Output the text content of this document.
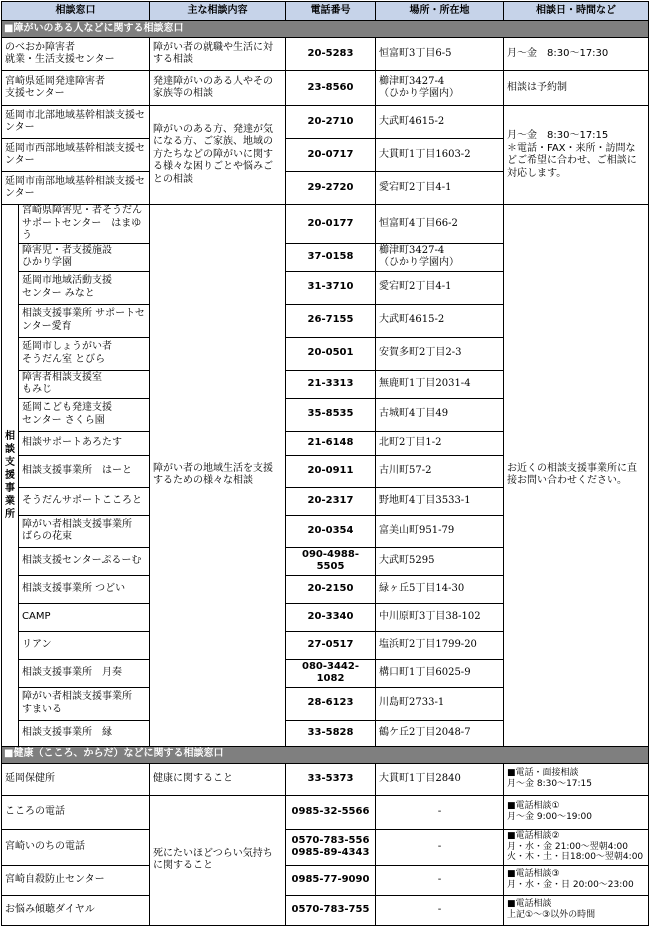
相談窓口		主な相談内容	電話番号	場所・所在地	相談日・時間など
■障がいのある人などに関する相談窓口					
のべおか障害者
就業・生活支援センター		障がい者の就職や生活に対する相談	20-5283	恒富町3丁目6-5	月～金　8:30～17:30
宮崎県延岡発達障害者
支援センター		発達障がいのある人やその家族等の相談	23-8560	櫛津町3427-4
（ひかり学園内）	相談は予約制
延岡市北部地域基幹相談支援センター		障がいのある方、発達が気になる方、ご家族、地域の方たちなどの障がいに関する様々な困りごとや悩みごとの相談	20-2710	大武町4615-2	月～金　8:30～17:15
＊電話・FAX・来所・訪問などご希望に合わせ、ご相談に対応します。
延岡市西部地域基幹相談支援センター			20-0717	大貫町1丁目1603-2	
延岡市南部地域基幹相談支援センター			29-2720	愛宕町2丁目4-1	
相談支援事業所	宮崎県障害児・者そうだんサポートセンター　はまゆう	障がい者の地域生活を支援するための様々な相談	20-0177	恒富町4丁目66-2	お近くの相談支援事業所に直接お問い合わせください。
	障害児・者支援施設
ひかり学園		37-0158	櫛津町3427-4
（ひかり学園内）	
	延岡市地域活動支援
センター みなと		31-3710	愛宕町2丁目4-1	
	相談支援事業所 サポートセンター愛育		26-7155	大武町4615-2	
	延岡市しょうがい者
そうだん室 とびら		20-0501	安賀多町2丁目2-3	
	障害者相談支援室
もみじ		21-3313	無鹿町1丁目2031-4	
	延岡こども発達支援
センター さくら園		35-8535	古城町4丁目49	
	相談サポートあろたす		21-6148	北町2丁目1-2	
	相談支援事業所　はーと		20-0911	古川町57-2	
	そうだんサポートこころと		20-2317	野地町4丁目3533-1	
	障がい者相談支援事業所
ばらの花束		20-0354	富美山町951-79	
	相談支援センターぷるーむ		090-4988-5505	大武町5295	
	相談支援事業所 つどい		20-2150	緑ヶ丘5丁目14-30	
	CAMP		20-3340	中川原町3丁目38-102	
	リアン		27-0517	塩浜町2丁目1799-20	
	相談支援事業所　月奏		080-3442-1082	構口町1丁目6025-9	
	障がい者相談支援事業所
すまいる		28-6123	川島町2733-1	
	相談支援事業所　縁		33-5828	鶴ケ丘2丁目2048-7	
■健康（こころ、からだ）などに関する相談窓口					
延岡保健所		健康に関すること	33-5373	大貫町1丁目2840	■電話・面接相談
月～金 8:30～17:15
こころの電話		死にたいほどつらい気持ちに関すること	0985-32-5566	-	■電話相談①
月～金 9:00～19:00
宮崎いのちの電話			0570-783-556
0985-89-4343	-	■電話相談②
月・水・金 21:00～翌朝4:00
火・木・土・日18:00～翌朝4:00
宮崎自殺防止センター			0985-77-9090	-	■電話相談③
月・水・金・日 20:00～23:00
お悩み傾聴ダイヤル			0570-783-755	-	■電話相談
上記①～③以外の時間
